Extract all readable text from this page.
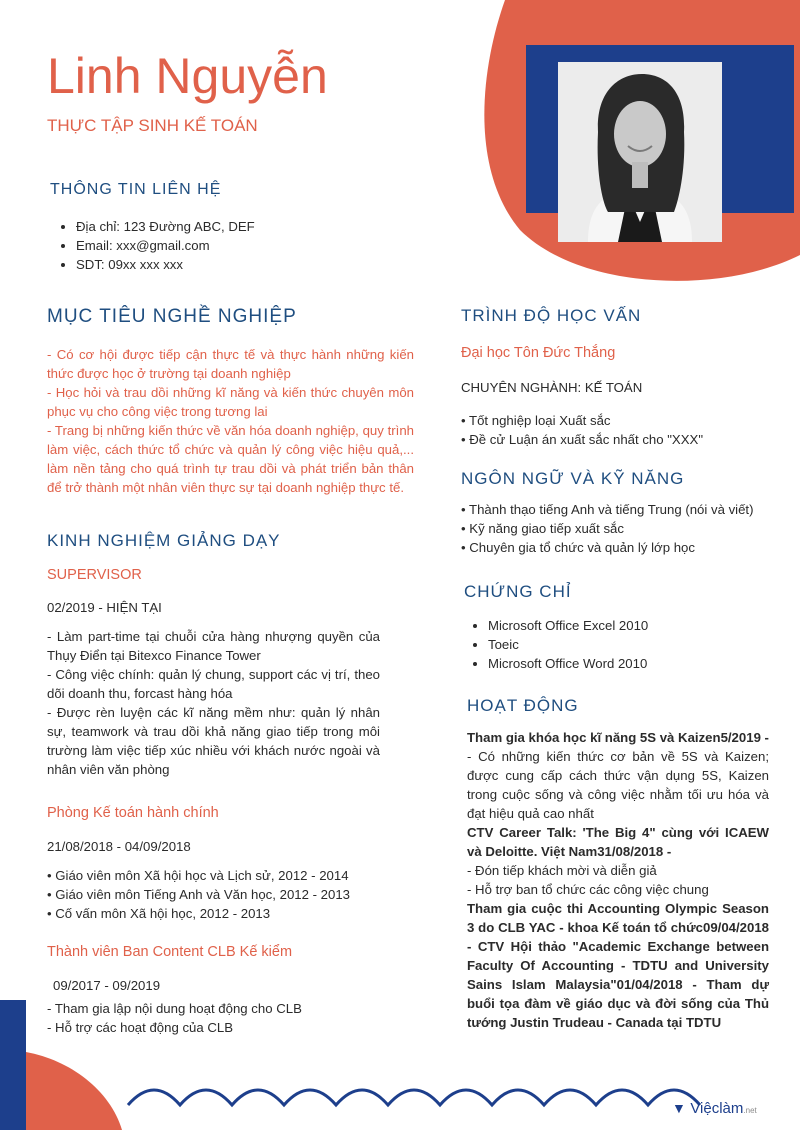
Linh Nguyễn
THỰC TẬP SINH KẾ TOÁN
THÔNG TIN LIÊN HỆ
• Địa chỉ: 123 Đường ABC, DEF
• Email: xxx@gmail.com
• SDT: 09xx xxx xxx
MỤC TIÊU NGHỀ NGHIỆP
- Có cơ hội được tiếp cận thực tế và thực hành những kiến thức được học ở trường tại doanh nghiệp
- Học hỏi và trau dồi những kĩ năng và kiến thức chuyên môn phục vụ cho công việc trong tương lai
- Trang bị những kiến thức về văn hóa doanh nghiệp, quy trình làm việc, cách thức tổ chức và quản lý công việc hiệu quả,... làm nền tảng cho quá trình tự trau dồi và phát triển bản thân để trở thành một nhân viên thực sự tại doanh nghiệp thực tế.
KINH NGHIỆM GIẢNG DẠY
SUPERVISOR
02/2019 - HIỆN TẠI
- Làm part-time tại chuỗi cửa hàng nhượng quyền của Thụy Điển tại Bitexco Finance Tower
- Công việc chính: quản lý chung, support các vị trí, theo dõi doanh thu, forcast hàng hóa
- Được rèn luyện các kĩ năng mềm như: quản lý nhân sự, teamwork và trau dồi khả năng giao tiếp trong môi trường làm việc tiếp xúc nhiều với khách nước ngoài và nhân viên văn phòng
Phòng Kế toán hành chính
21/08/2018 - 04/09/2018
• Giáo viên môn Xã hội học và Lịch sử, 2012 - 2014
• Giáo viên môn Tiếng Anh và Văn học, 2012 - 2013
• Cố vấn môn Xã hội học, 2012 - 2013
Thành viên Ban Content CLB Kế kiểm
09/2017 - 09/2019
- Tham gia lập nội dung hoạt động cho CLB
- Hỗ trợ các hoạt động của CLB
TRÌNH ĐỘ HỌC VẤN
Đại học Tôn Đức Thắng
CHUYÊN NGHÀNH: KẾ TOÁN
• Tốt nghiệp loại Xuất sắc
• Đề cử Luận án xuất sắc nhất cho "XXX"
NGÔN NGỮ VÀ KỸ NĂNG
• Thành thạo tiếng Anh và tiếng Trung (nói và viết)
• Kỹ năng giao tiếp xuất sắc
• Chuyên gia tổ chức và quản lý lớp học
CHỨNG CHỈ
• Microsoft Office Excel 2010
• Toeic
• Microsoft Office Word 2010
HOẠT ĐỘNG
Tham gia khóa học kĩ năng 5S và Kaizen5/2019 -
- Có những kiến thức cơ bản về 5S và Kaizen; được cung cấp cách thức vận dụng 5S, Kaizen trong cuộc sống và công việc nhằm tối ưu hóa và đạt hiệu quả cao nhất
CTV Career Talk: 'The Big 4" cùng với ICAEW và Deloitte. Việt Nam31/08/2018 -
- Đón tiếp khách mời và diễn giả
- Hỗ trợ ban tổ chức các công việc chung
Tham gia cuộc thi Accounting Olympic Season 3 do CLB YAC - khoa Kế toán tổ chức09/04/2018 - CTV Hội thảo "Academic Exchange between Faculty Of Accounting - TDTU and University Sains Islam Malaysia"01/04/2018 - Tham dự buổi tọa đàm về giáo dục và đời sống của Thủ tướng Justin Trudeau - Canada tại TDTU
▼ Việclàm.net
